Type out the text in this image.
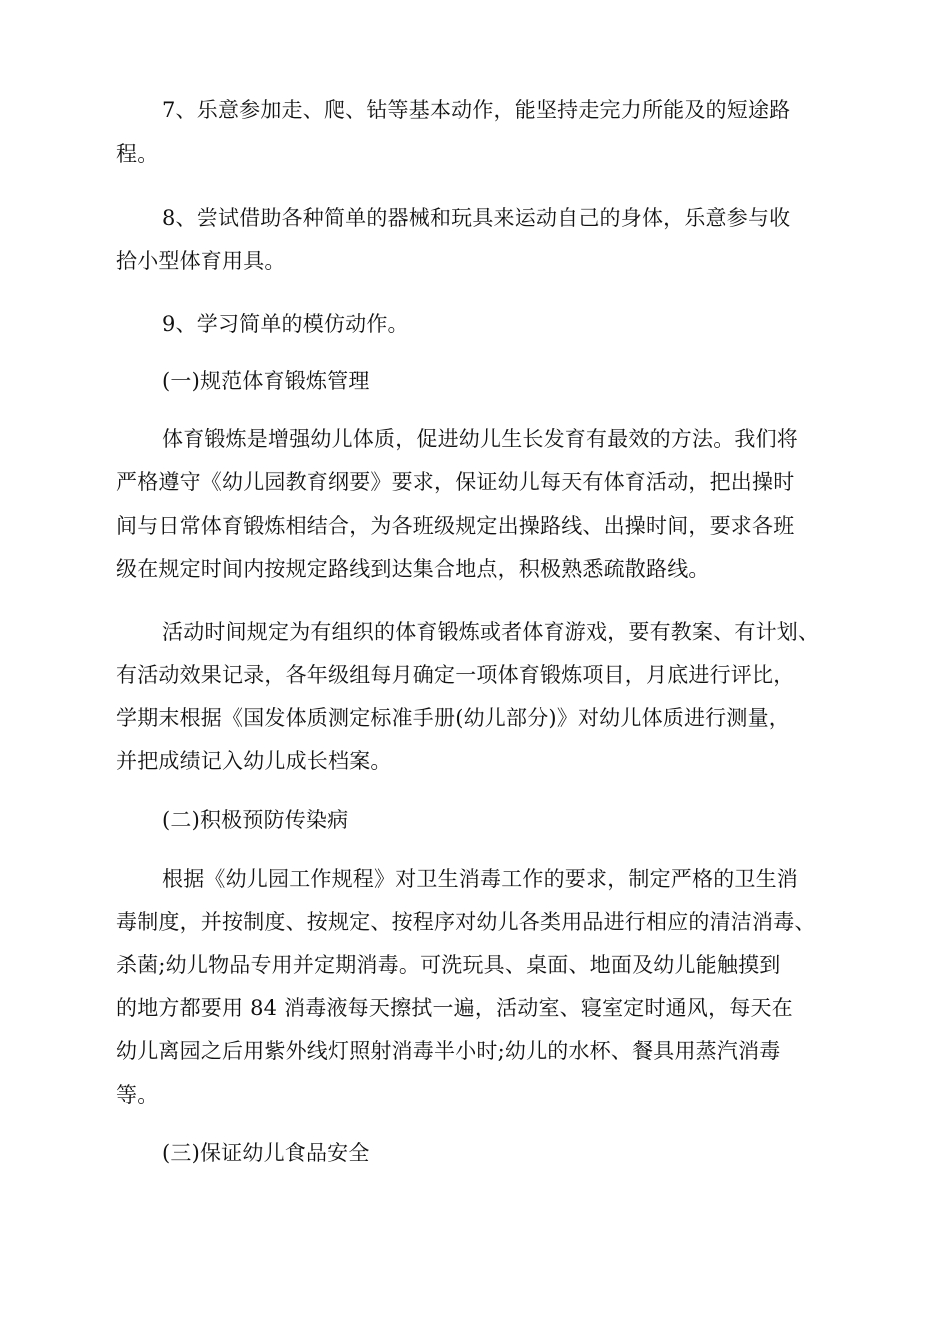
7、乐意参加走、爬、钻等基本动作，能坚持走完力所能及的短途路
程。
8、尝试借助各种简单的器械和玩具来运动自己的身体，乐意参与收
拾小型体育用具。
9、学习简单的模仿动作。
(一)规范体育锻炼管理
体育锻炼是增强幼儿体质，促进幼儿生长发育有最效的方法。我们将
严格遵守《幼儿园教育纲要》要求，保证幼儿每天有体育活动，把出操时
间与日常体育锻炼相结合，为各班级规定出操路线、出操时间，要求各班
级在规定时间内按规定路线到达集合地点，积极熟悉疏散路线。
活动时间规定为有组织的体育锻炼或者体育游戏，要有教案、有计划、
有活动效果记录，各年级组每月确定一项体育锻炼项目，月底进行评比，
学期末根据《国发体质测定标准手册(幼儿部分)》对幼儿体质进行测量，
并把成绩记入幼儿成长档案。
(二)积极预防传染病
根据《幼儿园工作规程》对卫生消毒工作的要求，制定严格的卫生消
毒制度，并按制度、按规定、按程序对幼儿各类用品进行相应的清洁消毒、
杀菌;幼儿物品专用并定期消毒。可洗玩具、桌面、地面及幼儿能触摸到
的地方都要用 84 消毒液每天擦拭一遍，活动室、寝室定时通风，每天在
幼儿离园之后用紫外线灯照射消毒半小时;幼儿的水杯、餐具用蒸汽消毒
等。
(三)保证幼儿食品安全
